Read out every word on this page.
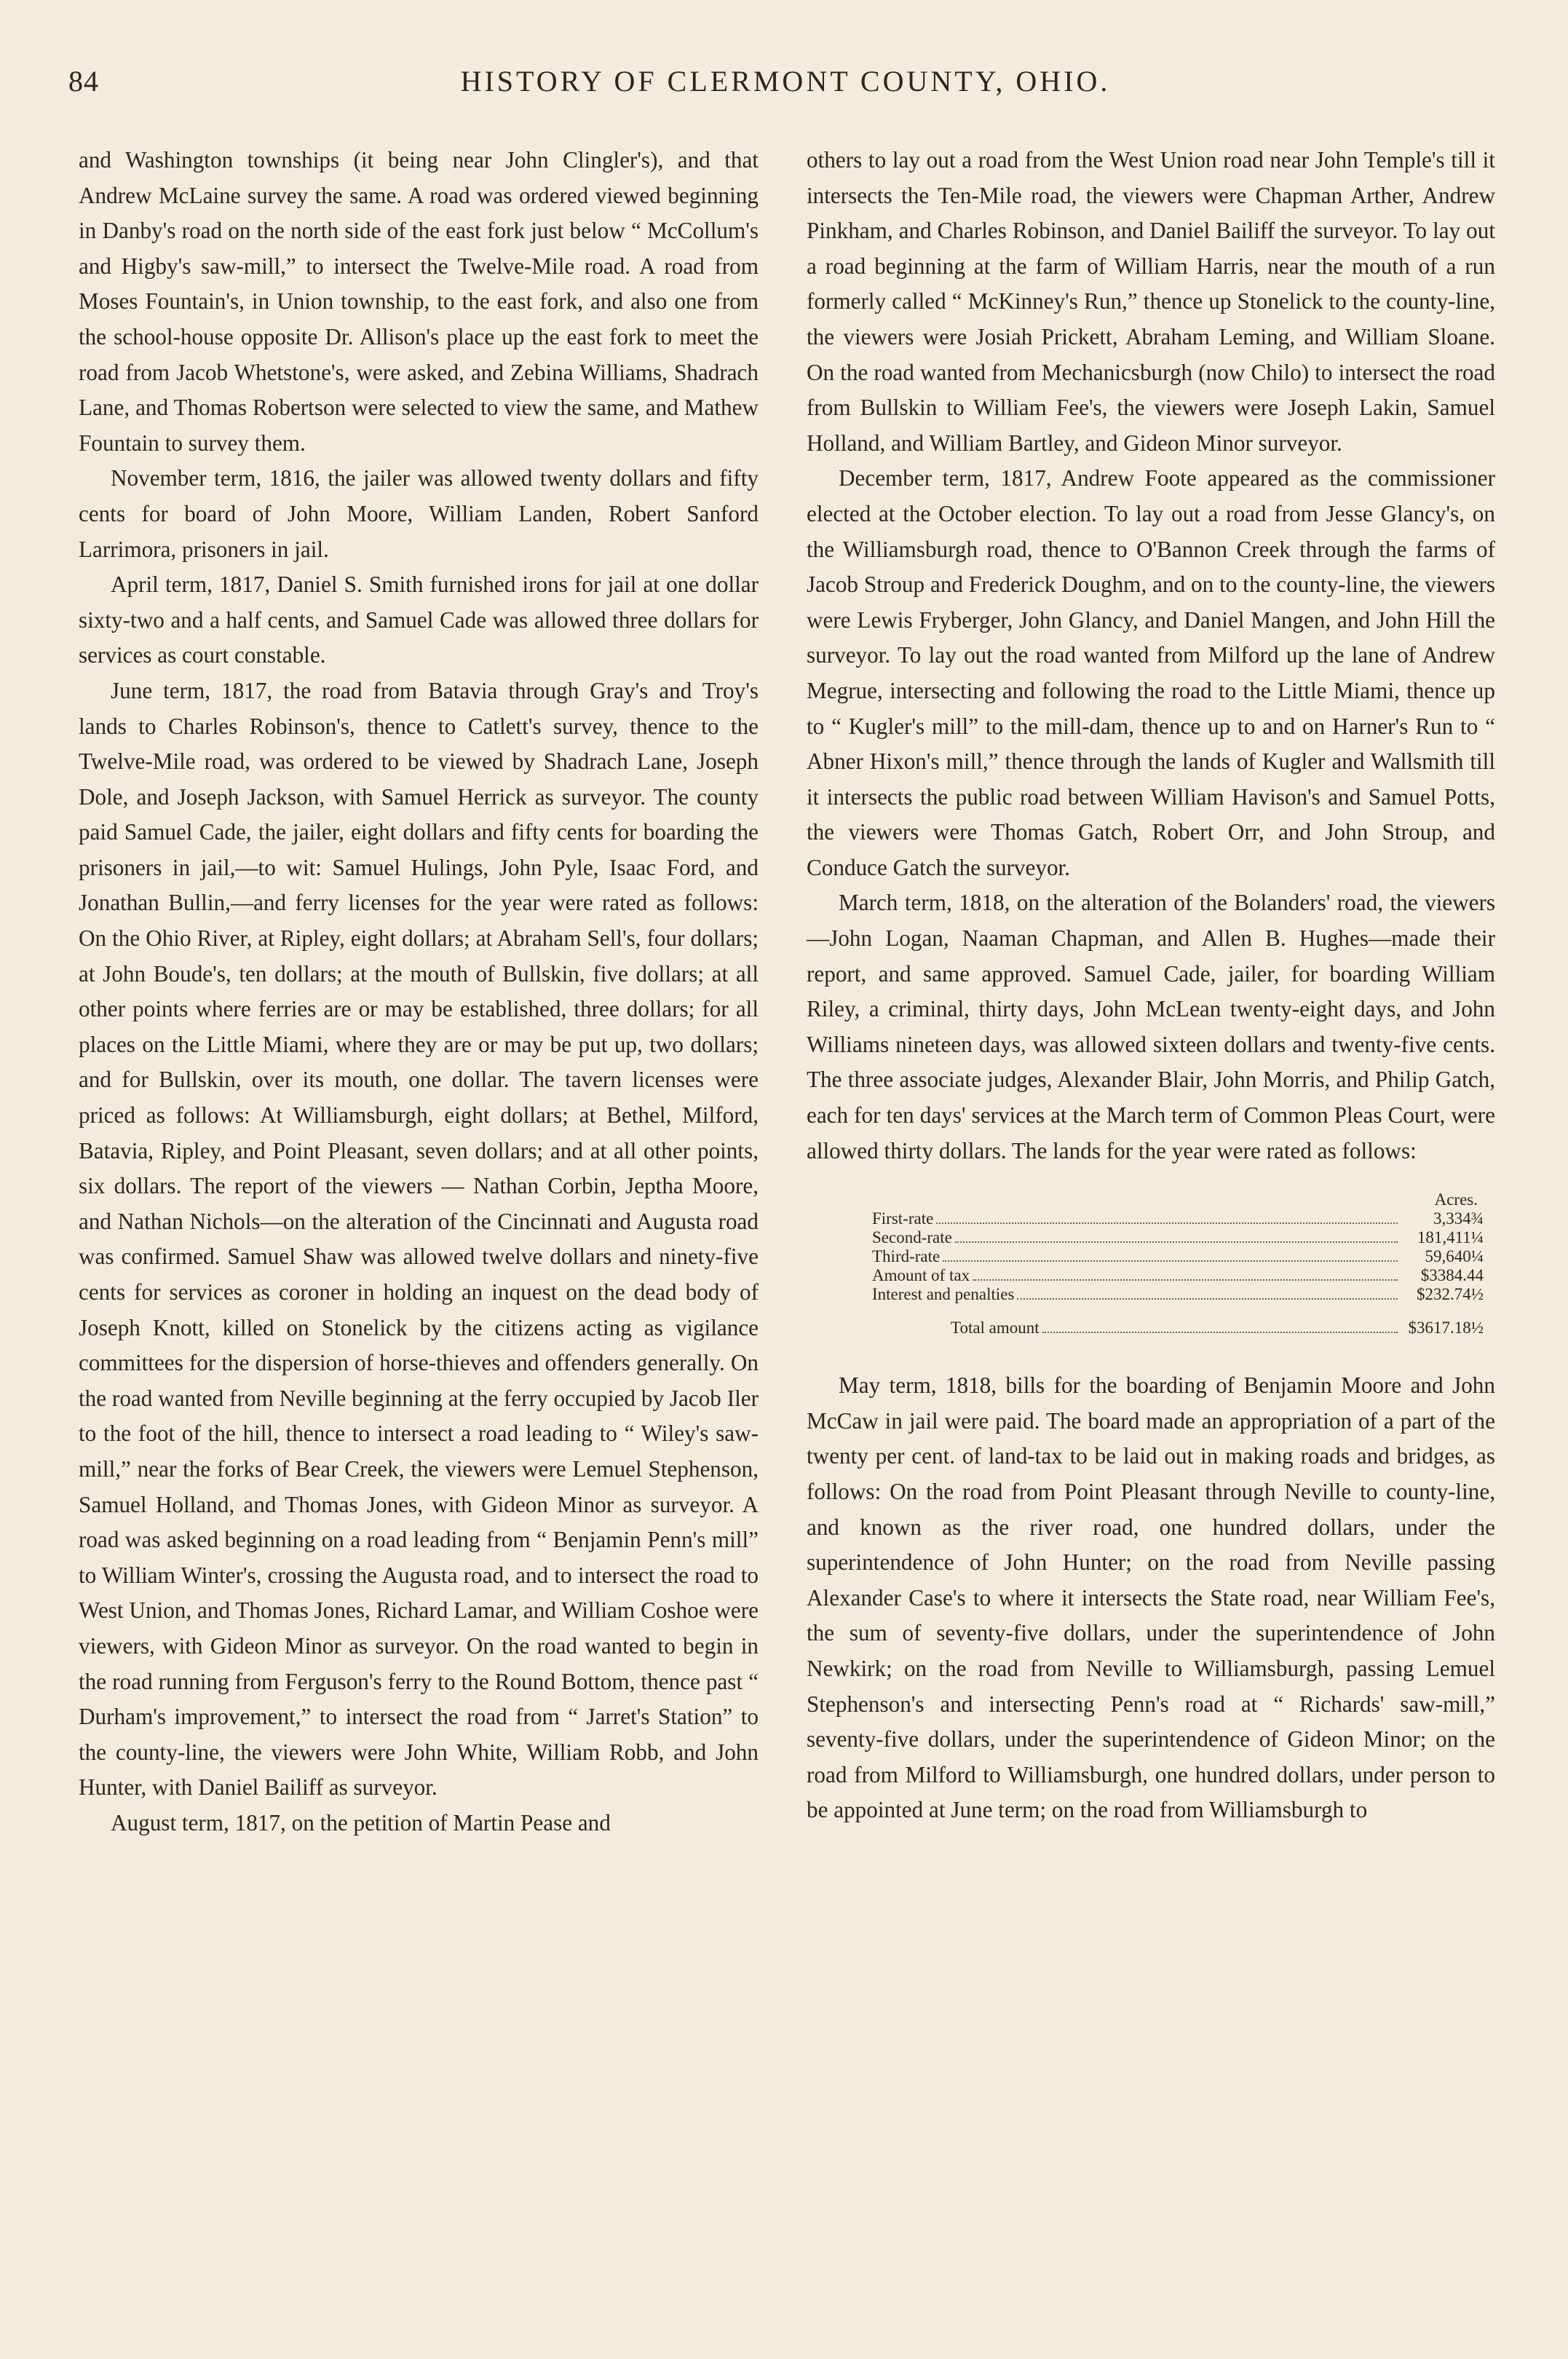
84	HISTORY OF CLERMONT COUNTY, OHIO.

and Washington townships (it being near John Clingler's), and that Andrew McLaine survey the same. A road was ordered viewed beginning in Danby's road on the north side of the east fork just below “ McCollum's and Higby's saw-mill,” to intersect the Twelve-Mile road. A road from Moses Fountain's, in Union township, to the east fork, and also one from the school-house opposite Dr. Allison's place up the east fork to meet the road from Jacob Whetstone's, were asked, and Zebina Williams, Shadrach Lane, and Thomas Robertson were selected to view the same, and Mathew Fountain to survey them.

November term, 1816, the jailer was allowed twenty dollars and fifty cents for board of John Moore, William Landen, Robert Sanford Larrimora, prisoners in jail.

April term, 1817, Daniel S. Smith furnished irons for jail at one dollar sixty-two and a half cents, and Samuel Cade was allowed three dollars for services as court constable.

June term, 1817, the road from Batavia through Gray's and Troy's lands to Charles Robinson's, thence to Catlett's survey, thence to the Twelve-Mile road, was ordered to be viewed by Shadrach Lane, Joseph Dole, and Joseph Jackson, with Samuel Herrick as surveyor. The county paid Samuel Cade, the jailer, eight dollars and fifty cents for boarding the prisoners in jail,—to wit: Samuel Hulings, John Pyle, Isaac Ford, and Jonathan Bullin,—and ferry licenses for the year were rated as follows: On the Ohio River, at Ripley, eight dollars; at Abraham Sell's, four dollars; at John Boude's, ten dollars; at the mouth of Bullskin, five dollars; at all other points where ferries are or may be established, three dollars; for all places on the Little Miami, where they are or may be put up, two dollars; and for Bullskin, over its mouth, one dollar. The tavern licenses were priced as follows: At Williamsburgh, eight dollars; at Bethel, Milford, Batavia, Ripley, and Point Pleasant, seven dollars; and at all other points, six dollars. The report of the viewers — Nathan Corbin, Jeptha Moore, and Nathan Nichols—on the alteration of the Cincinnati and Augusta road was confirmed. Samuel Shaw was allowed twelve dollars and ninety-five cents for services as coroner in holding an inquest on the dead body of Joseph Knott, killed on Stonelick by the citizens acting as vigilance committees for the dispersion of horse-thieves and offenders generally. On the road wanted from Neville beginning at the ferry occupied by Jacob Iler to the foot of the hill, thence to intersect a road leading to “ Wiley's saw-mill,” near the forks of Bear Creek, the viewers were Lemuel Stephenson, Samuel Holland, and Thomas Jones, with Gideon Minor as surveyor. A road was asked beginning on a road leading from “ Benjamin Penn's mill” to William Winter's, crossing the Augusta road, and to intersect the road to West Union, and Thomas Jones, Richard Lamar, and William Coshoe were viewers, with Gideon Minor as surveyor. On the road wanted to begin in the road running from Ferguson's ferry to the Round Bottom, thence past “ Durham's improvement,” to intersect the road from “ Jarret's Station” to the county-line, the viewers were John White, William Robb, and John Hunter, with Daniel Bailiff as surveyor.

August term, 1817, on the petition of Martin Pease and

others to lay out a road from the West Union road near John Temple's till it intersects the Ten-Mile road, the viewers were Chapman Arther, Andrew Pinkham, and Charles Robinson, and Daniel Bailiff the surveyor. To lay out a road beginning at the farm of William Harris, near the mouth of a run formerly called “ McKinney's Run,” thence up Stonelick to the county-line, the viewers were Josiah Prickett, Abraham Leming, and William Sloane. On the road wanted from Mechanicsburgh (now Chilo) to intersect the road from Bullskin to William Fee's, the viewers were Joseph Lakin, Samuel Holland, and William Bartley, and Gideon Minor surveyor.

December term, 1817, Andrew Foote appeared as the commissioner elected at the October election. To lay out a road from Jesse Glancy's, on the Williamsburgh road, thence to O'Bannon Creek through the farms of Jacob Stroup and Frederick Doughm, and on to the county-line, the viewers were Lewis Fryberger, John Glancy, and Daniel Mangen, and John Hill the surveyor. To lay out the road wanted from Milford up the lane of Andrew Megrue, intersecting and following the road to the Little Miami, thence up to “ Kugler's mill” to the mill-dam, thence up to and on Harner's Run to “ Abner Hixon's mill,” thence through the lands of Kugler and Wallsmith till it intersects the public road between William Havison's and Samuel Potts, the viewers were Thomas Gatch, Robert Orr, and John Stroup, and Conduce Gatch the surveyor.

March term, 1818, on the alteration of the Bolanders' road, the viewers—John Logan, Naaman Chapman, and Allen B. Hughes—made their report, and same approved. Samuel Cade, jailer, for boarding William Riley, a criminal, thirty days, John McLean twenty-eight days, and John Williams nineteen days, was allowed sixteen dollars and twenty-five cents. The three associate judges, Alexander Blair, John Morris, and Philip Gatch, each for ten days' services at the March term of Common Pleas Court, were allowed thirty dollars. The lands for the year were rated as follows:

Acres.
First-rate	3,334¾
Second-rate	181,411¼
Third-rate	59,640¼
Amount of tax	$3384.44
Interest and penalties	$232.74½
Total amount	$3617.18½

May term, 1818, bills for the boarding of Benjamin Moore and John McCaw in jail were paid. The board made an appropriation of a part of the twenty per cent. of land-tax to be laid out in making roads and bridges, as follows: On the road from Point Pleasant through Neville to county-line, and known as the river road, one hundred dollars, under the superintendence of John Hunter; on the road from Neville passing Alexander Case's to where it intersects the State road, near William Fee's, the sum of seventy-five dollars, under the superintendence of John Newkirk; on the road from Neville to Williamsburgh, passing Lemuel Stephenson's and intersecting Penn's road at “ Richards' saw-mill,” seventy-five dollars, under the superintendence of Gideon Minor; on the road from Milford to Williamsburgh, one hundred dollars, under person to be appointed at June term; on the road from Williamsburgh to
